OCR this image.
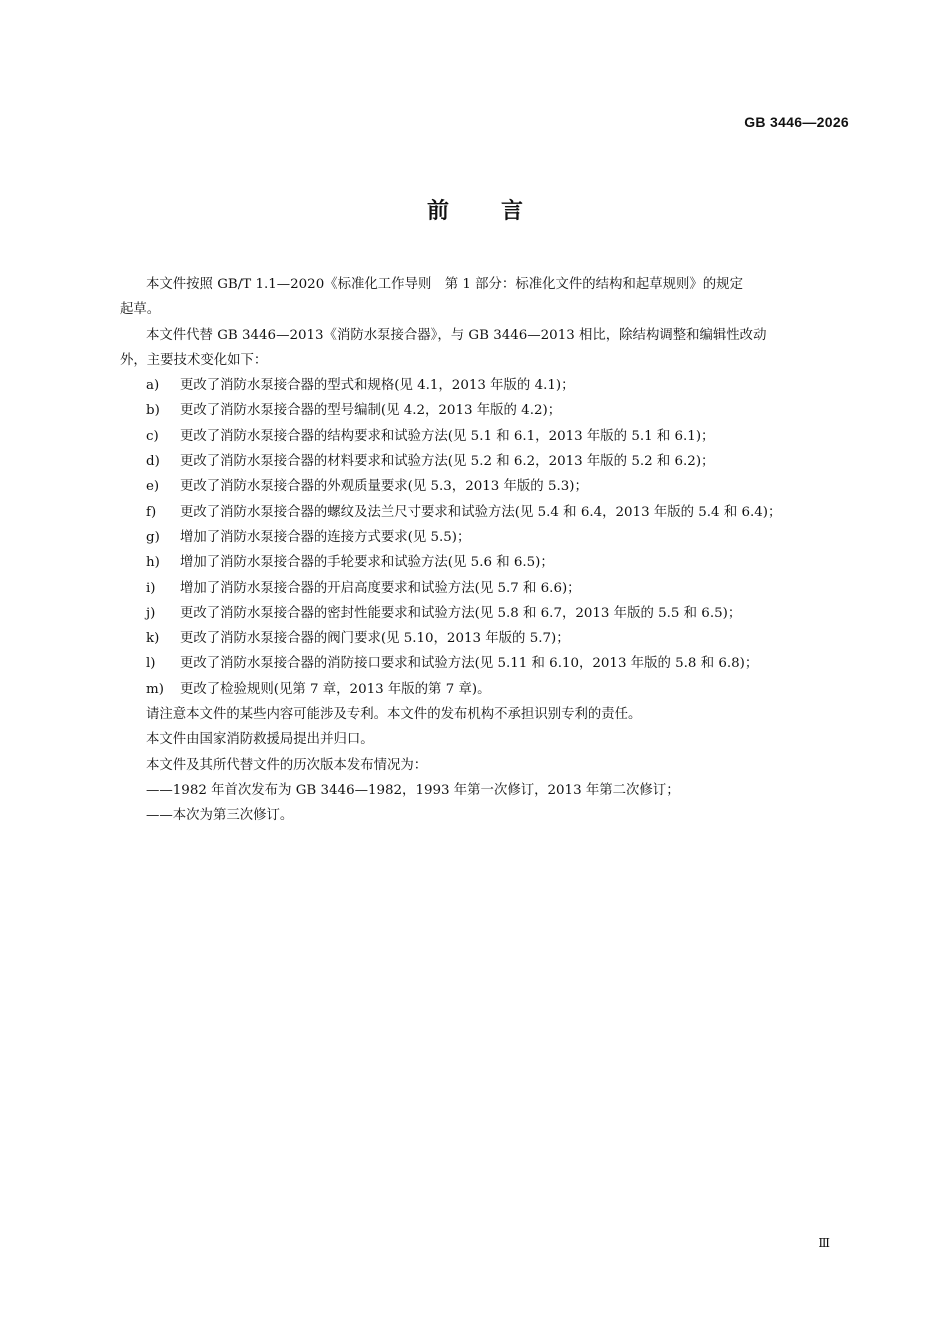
GB 3446—2026
前言

本文件按照 GB/T 1.1—2020《标准化工作导则　第 1 部分：标准化文件的结构和起草规则》的规定
起草。

本文件代替 GB 3446—2013《消防水泵接合器》，与 GB 3446—2013 相比，除结构调整和编辑性改动
外，主要技术变化如下：

a) 更改了消防水泵接合器的型式和规格(见 4.1，2013 年版的 4.1)；

b) 更改了消防水泵接合器的型号编制(见 4.2，2013 年版的 4.2)；

c) 更改了消防水泵接合器的结构要求和试验方法(见 5.1 和 6.1，2013 年版的 5.1 和 6.1)；

d) 更改了消防水泵接合器的材料要求和试验方法(见 5.2 和 6.2，2013 年版的 5.2 和 6.2)；

e) 更改了消防水泵接合器的外观质量要求(见 5.3，2013 年版的 5.3)；

f) 更改了消防水泵接合器的螺纹及法兰尺寸要求和试验方法(见 5.4 和 6.4，2013 年版的 5.4 和 6.4)；

g) 增加了消防水泵接合器的连接方式要求(见 5.5)；

h) 增加了消防水泵接合器的手轮要求和试验方法(见 5.6 和 6.5)；

i) 增加了消防水泵接合器的开启高度要求和试验方法(见 5.7 和 6.6)；

j) 更改了消防水泵接合器的密封性能要求和试验方法(见 5.8 和 6.7，2013 年版的 5.5 和 6.5)；

k) 更改了消防水泵接合器的阀门要求(见 5.10，2013 年版的 5.7)；

l) 更改了消防水泵接合器的消防接口要求和试验方法(见 5.11 和 6.10，2013 年版的 5.8 和 6.8)；

m) 更改了检验规则(见第 7 章，2013 年版的第 7 章)。

请注意本文件的某些内容可能涉及专利。本文件的发布机构不承担识别专利的责任。

本文件由国家消防救援局提出并归口。

本文件及其所代替文件的历次版本发布情况为：

——1982 年首次发布为 GB 3446—1982，1993 年第一次修订，2013 年第二次修订；

——本次为第三次修订。

Ⅲ
